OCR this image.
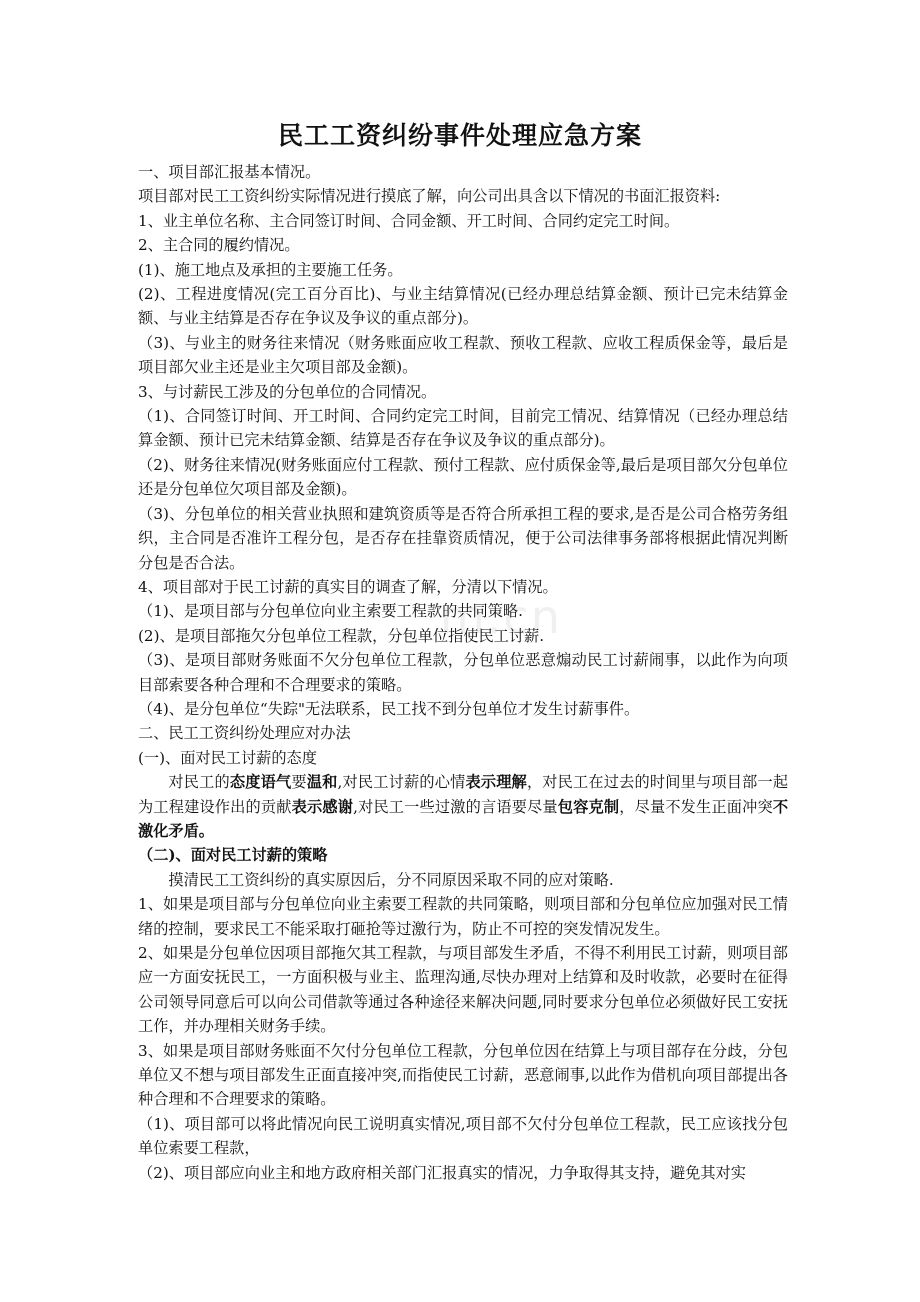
m.cn
民工工资纠纷事件处理应急方案

一、项目部汇报基本情况。

项目部对民工工资纠纷实际情况进行摸底了解，向公司出具含以下情况的书面汇报资料:

1、业主单位名称、主合同签订时间、合同金额、开工时间、合同约定完工时间。

2、主合同的履约情况。

(1)、施工地点及承担的主要施工任务。

(2)、工程进度情况(完工百分百比)、与业主结算情况(已经办理总结算金额、预计已完未结算金额、与业主结算是否存在争议及争议的重点部分)。

（3)、与业主的财务往来情况（财务账面应收工程款、预收工程款、应收工程质保金等，最后是项目部欠业主还是业主欠项目部及金额)。

3、与讨薪民工涉及的分包单位的合同情况。

（1)、合同签订时间、开工时间、合同约定完工时间，目前完工情况、结算情况（已经办理总结算金额、预计已完未结算金额、结算是否存在争议及争议的重点部分)。

（2)、财务往来情况(财务账面应付工程款、预付工程款、应付质保金等,最后是项目部欠分包单位还是分包单位欠项目部及金额)。

（3)、分包单位的相关营业执照和建筑资质等是否符合所承担工程的要求,是否是公司合格劳务组织，主合同是否准许工程分包，是否存在挂靠资质情况，便于公司法律事务部将根据此情况判断分包是否合法。

4、项目部对于民工讨薪的真实目的调查了解，分清以下情况。

（1)、是项目部与分包单位向业主索要工程款的共同策略.

(2)、是项目部拖欠分包单位工程款，分包单位指使民工讨薪.

（3)、是项目部财务账面不欠分包单位工程款，分包单位恶意煽动民工讨薪闹事，以此作为向项目部索要各种合理和不合理要求的策略。

（4)、是分包单位“失踪"无法联系，民工找不到分包单位才发生讨薪事件。

二、民工工资纠纷处理应对办法

(一)、面对民工讨薪的态度

对民工的态度语气要温和,对民工讨薪的心情表示理解，对民工在过去的时间里与项目部一起为工程建设作出的贡献表示感谢,对民工一些过激的言语要尽量包容克制，尽量不发生正面冲突不激化矛盾。

（二)、面对民工讨薪的策略

摸清民工工资纠纷的真实原因后，分不同原因采取不同的应对策略.

1、如果是项目部与分包单位向业主索要工程款的共同策略，则项目部和分包单位应加强对民工情绪的控制，要求民工不能采取打砸抢等过激行为，防止不可控的突发情况发生。

2、如果是分包单位因项目部拖欠其工程款，与项目部发生矛盾，不得不利用民工讨薪，则项目部应一方面安抚民工，一方面积极与业主、监理沟通,尽快办理对上结算和及时收款，必要时在征得公司领导同意后可以向公司借款等通过各种途径来解决问题,同时要求分包单位必须做好民工安抚工作，并办理相关财务手续。

3、如果是项目部财务账面不欠付分包单位工程款，分包单位因在结算上与项目部存在分歧，分包单位又不想与项目部发生正面直接冲突,而指使民工讨薪，恶意闹事,以此作为借机向项目部提出各种合理和不合理要求的策略。

（1)、项目部可以将此情况向民工说明真实情况,项目部不欠付分包单位工程款，民工应该找分包单位索要工程款，

（2)、项目部应向业主和地方政府相关部门汇报真实的情况，力争取得其支持，避免其对实
